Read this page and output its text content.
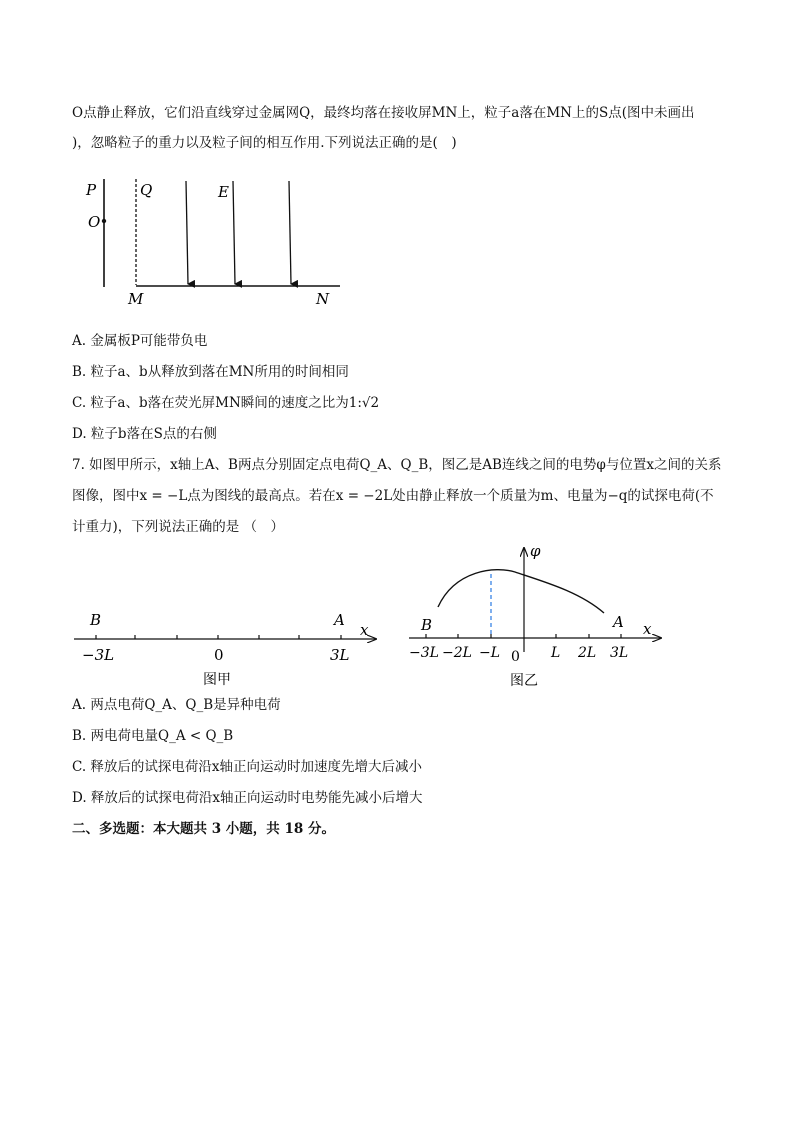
O点静止释放，它们沿直线穿过金属网Q，最终均落在接收屏MN上，粒子a落在MN上的S点(图中未画出
)，忽略粒子的重力以及粒子间的相互作用.下列说法正确的是(　)
P
O
Q	E
M	N
A. 金属板P可能带负电
B. 粒子a、b从释放到落在MN所用的时间相同
C. 粒子a、b落在荧光屏MN瞬间的速度之比为1:√2
D. 粒子b落在S点的右侧
7. 如图甲所示，x轴上A、B两点分别固定点电荷Q_A、Q_B，图乙是AB连线之间的电势φ与位置x之间的关系
图像，图中x = −L点为图线的最高点。若在x = −2L处由静止释放一个质量为m、电量为−q的试探电荷(不
计重力)，下列说法正确的是 （　）
B	A
x
−3L	0	3L
图甲
φ
B	A x
−3L −2L −L 0 L 2L 3L
图乙
A. 两点电荷Q_A、Q_B是异种电荷
B. 两电荷电量Q_A < Q_B
C. 释放后的试探电荷沿x轴正向运动时加速度先增大后减小
D. 释放后的试探电荷沿x轴正向运动时电势能先减小后增大
二、多选题：本大题共 3 小题，共 18 分。
